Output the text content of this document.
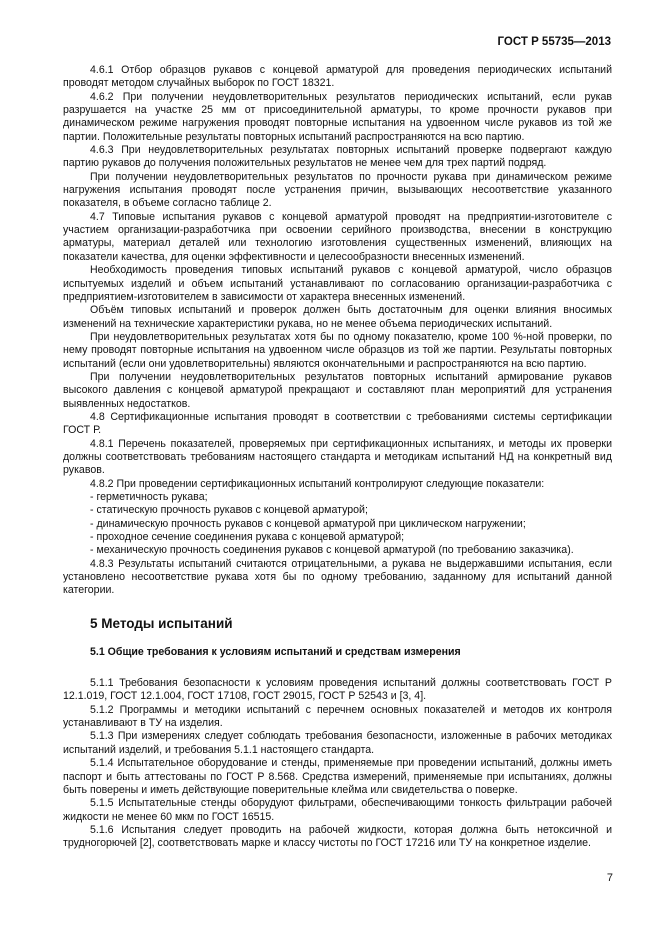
ГОСТ Р 55735—2013

4.6.1 Отбор образцов рукавов с концевой арматурой для проведения периодических испытаний проводят методом случайных выборок по ГОСТ 18321.

4.6.2 При получении неудовлетворительных результатов периодических испытаний, если рукав разрушается на участке 25 мм от присоединительной арматуры, то кроме прочности рукавов при динамическом режиме нагружения проводят повторные испытания на удвоенном числе рукавов из той же партии. Положительные результаты повторных испытаний распространяются на всю партию.

4.6.3 При неудовлетворительных результатах повторных испытаний проверке подвергают каждую партию рукавов до получения положительных результатов не менее чем для трех партий подряд.

При получении неудовлетворительных результатов по прочности рукава при динамическом режиме нагружения испытания проводят после устранения причин, вызывающих несоответствие указанного показателя, в объеме согласно таблице 2.

4.7 Типовые испытания рукавов с концевой арматурой проводят на предприятии-изготовителе с участием организации-разработчика при освоении серийного производства, внесении в конструкцию арматуры, материал деталей или технологию изготовления существенных изменений, влияющих на показатели качества, для оценки эффективности и целесообразности внесенных изменений.

Необходимость проведения типовых испытаний рукавов с концевой арматурой, число образцов испытуемых изделий и объем испытаний устанавливают по согласованию организации-разработчика с предприятием-изготовителем в зависимости от характера внесенных изменений.

Объём типовых испытаний и проверок должен быть достаточным для оценки влияния вносимых изменений на технические характеристики рукава, но не менее объема периодических испытаний.

При неудовлетворительных результатах хотя бы по одному показателю, кроме 100 %-ной проверки, по нему проводят повторные испытания на удвоенном числе образцов из той же партии. Результаты повторных испытаний (если они удовлетворительны) являются окончательными и распространяются на всю партию.

При получении неудовлетворительных результатов повторных испытаний армирование рукавов высокого давления с концевой арматурой прекращают и составляют план мероприятий для устранения выявленных недостатков.

4.8 Сертификационные испытания проводят в соответствии с требованиями системы сертификации ГОСТ Р.

4.8.1 Перечень показателей, проверяемых при сертификационных испытаниях, и методы их проверки должны соответствовать требованиям настоящего стандарта и методикам испытаний НД на конкретный вид рукавов.

4.8.2 При проведении сертификационных испытаний контролируют следующие показатели:

- герметичность рукава;

- статическую прочность рукавов с концевой арматурой;

- динамическую прочность рукавов с концевой арматурой при циклическом нагружении;

- проходное сечение соединения рукава с концевой арматурой;

- механическую прочность соединения рукавов с концевой арматурой (по требованию заказчика).

4.8.3 Результаты испытаний считаются отрицательными, а рукава не выдержавшими испытания, если установлено несоответствие рукава хотя бы по одному требованию, заданному для испытаний данной категории.

5 Методы испытаний
5.1 Общие требования к условиям испытаний и средствам измерения

5.1.1 Требования безопасности к условиям проведения испытаний должны соответствовать ГОСТ Р 12.1.019, ГОСТ 12.1.004, ГОСТ 17108, ГОСТ 29015, ГОСТ Р 52543 и [3, 4].

5.1.2 Программы и методики испытаний с перечнем основных показателей и методов их контроля устанавливают в ТУ на изделия.

5.1.3 При измерениях следует соблюдать требования безопасности, изложенные в рабочих методиках испытаний изделий, и требования 5.1.1 настоящего стандарта.

5.1.4 Испытательное оборудование и стенды, применяемые при проведении испытаний, должны иметь паспорт и быть аттестованы по ГОСТ Р 8.568. Средства измерений, применяемые при испытаниях, должны быть поверены и иметь действующие поверительные клейма или свидетельства о поверке.

5.1.5 Испытательные стенды оборудуют фильтрами, обеспечивающими тонкость фильтрации рабочей жидкости не менее 60 мкм по ГОСТ 16515.

5.1.6 Испытания следует проводить на рабочей жидкости, которая должна быть нетоксичной и трудногорючей [2], соответствовать марке и классу чистоты по ГОСТ 17216 или ТУ на конкретное изделие.

7
